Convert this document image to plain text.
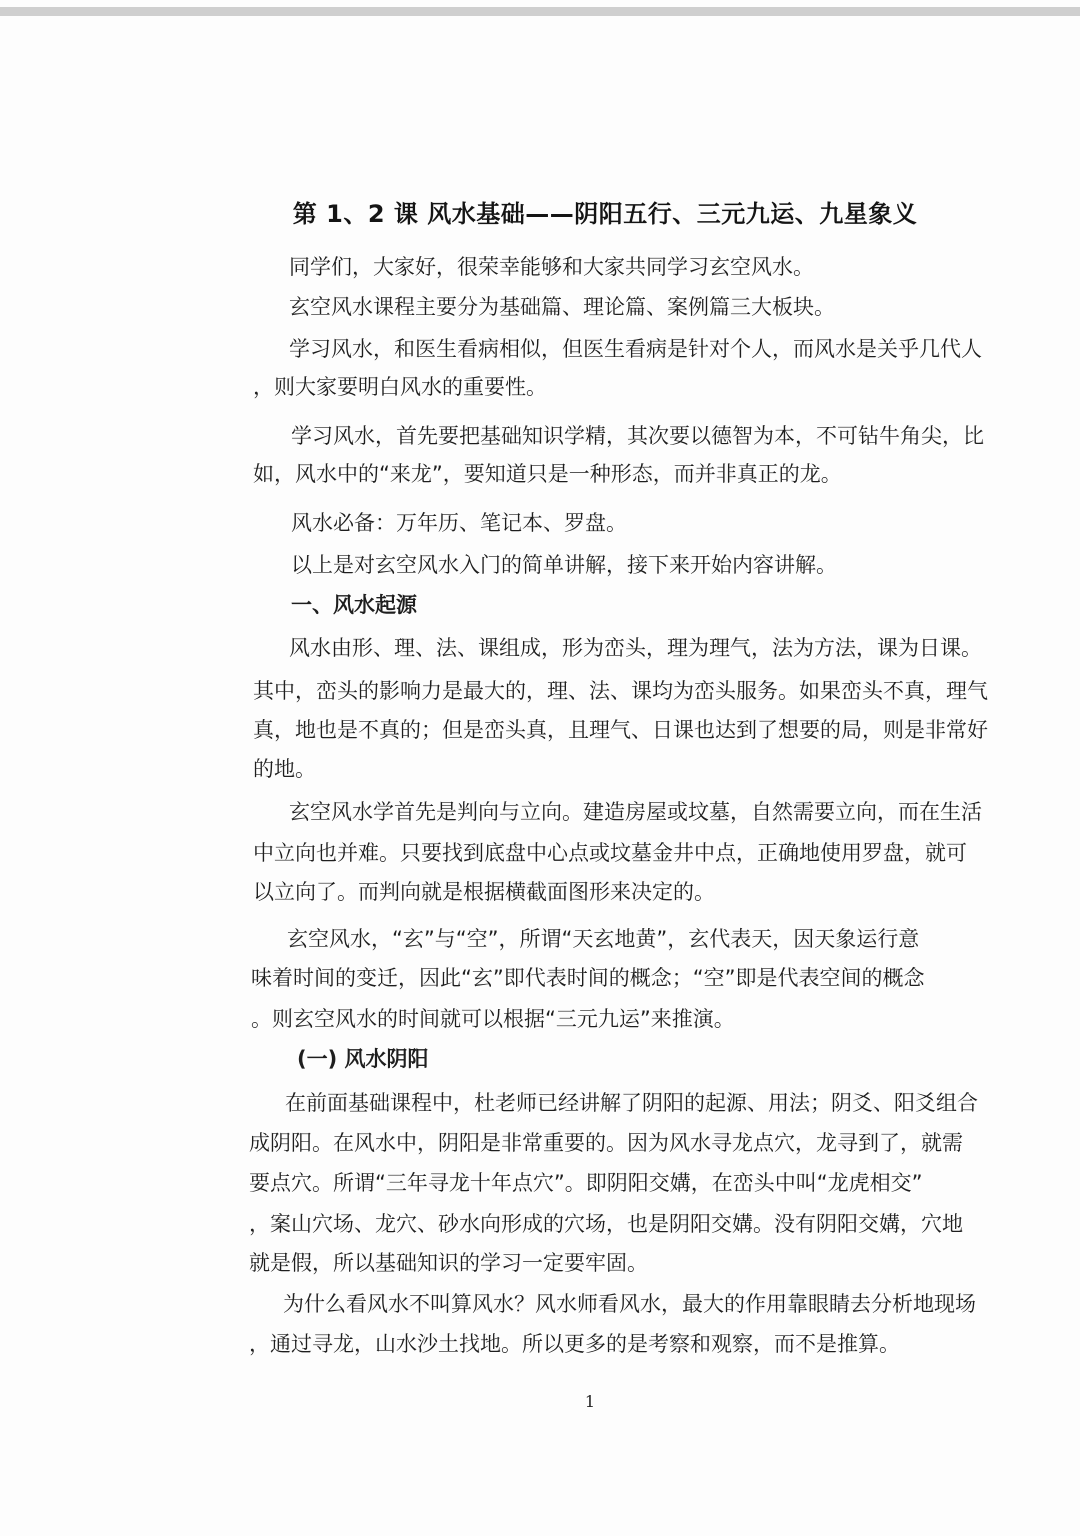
第 1、2 课 风水基础——阴阳五行、三元九运、九星象义
同学们，大家好，很荣幸能够和大家共同学习玄空风水。
玄空风水课程主要分为基础篇、理论篇、案例篇三大板块。
学习风水，和医生看病相似，但医生看病是针对个人，而风水是关乎几代人
，则大家要明白风水的重要性。
学习风水，首先要把基础知识学精，其次要以德智为本，不可钻牛角尖，比
如，风水中的“来龙”，要知道只是一种形态，而并非真正的龙。
风水必备：万年历、笔记本、罗盘。
以上是对玄空风水入门的简单讲解，接下来开始内容讲解。
一、风水起源
风水由形、理、法、课组成，形为峦头，理为理气，法为方法，课为日课。
其中，峦头的影响力是最大的，理、法、课均为峦头服务。如果峦头不真，理气
真，地也是不真的；但是峦头真，且理气、日课也达到了想要的局，则是非常好
的地。
玄空风水学首先是判向与立向。建造房屋或坟墓，自然需要立向，而在生活
中立向也并难。只要找到底盘中心点或坟墓金井中点，正确地使用罗盘，就可
以立向了。而判向就是根据横截面图形来决定的。
玄空风水，“玄”与“空”，所谓“天玄地黄”，玄代表天，因天象运行意
味着时间的变迁，因此“玄”即代表时间的概念；“空”即是代表空间的概念
。则玄空风水的时间就可以根据“三元九运”来推演。
(一) 风水阴阳
在前面基础课程中，杜老师已经讲解了阴阳的起源、用法；阴爻、阳爻组合
成阴阳。在风水中，阴阳是非常重要的。因为风水寻龙点穴，龙寻到了，就需
要点穴。所谓“三年寻龙十年点穴”。即阴阳交媾，在峦头中叫“龙虎相交”
，案山穴场、龙穴、砂水向形成的穴场，也是阴阳交媾。没有阴阳交媾，穴地
就是假，所以基础知识的学习一定要牢固。
为什么看风水不叫算风水？风水师看风水，最大的作用靠眼睛去分析地现场
，通过寻龙，山水沙土找地。所以更多的是考察和观察，而不是推算。
1
